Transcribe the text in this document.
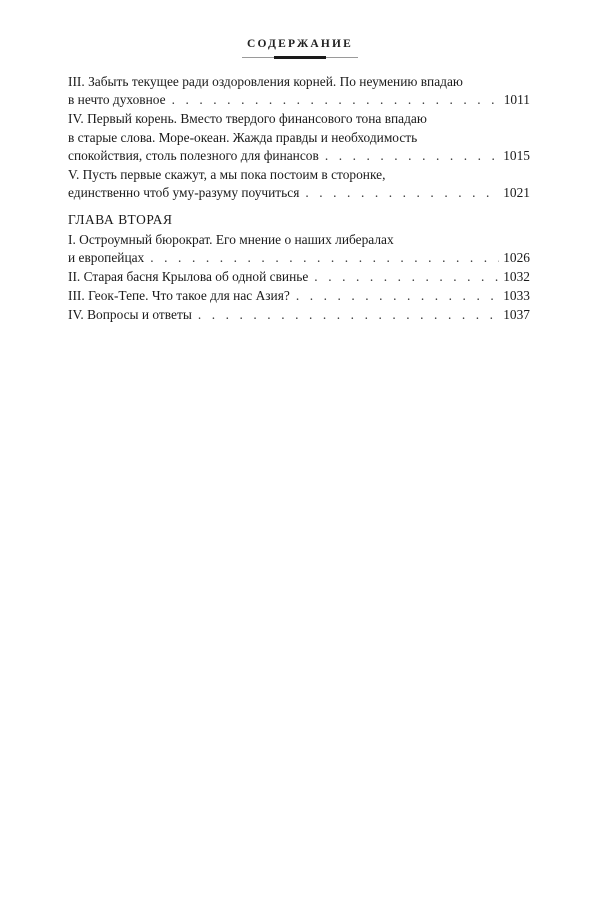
СОДЕРЖАНИЕ
III. Забыть текущее ради оздоровления корней. По неумению впадаю
в нечто духовное . . .	1011
IV. Первый корень. Вместо твердого финансового тона впадаю
в старые слова. Море-океан. Жажда правды и необходимость
спокойствия, столь полезного для финансов . . .	1015
V. Пусть первые скажут, а мы пока постоим в сторонке,
единственно чтоб уму-разуму поучиться . . .	1021
ГЛАВА ВТОРАЯ
I. Остроумный бюрократ. Его мнение о наших либералах
и европейцах . . .	1026
II. Старая басня Крылова об одной свинье . . .	1032
III. Геок-Тепе. Что такое для нас Азия? . . .	1033
IV. Вопросы и ответы . . .	1037
